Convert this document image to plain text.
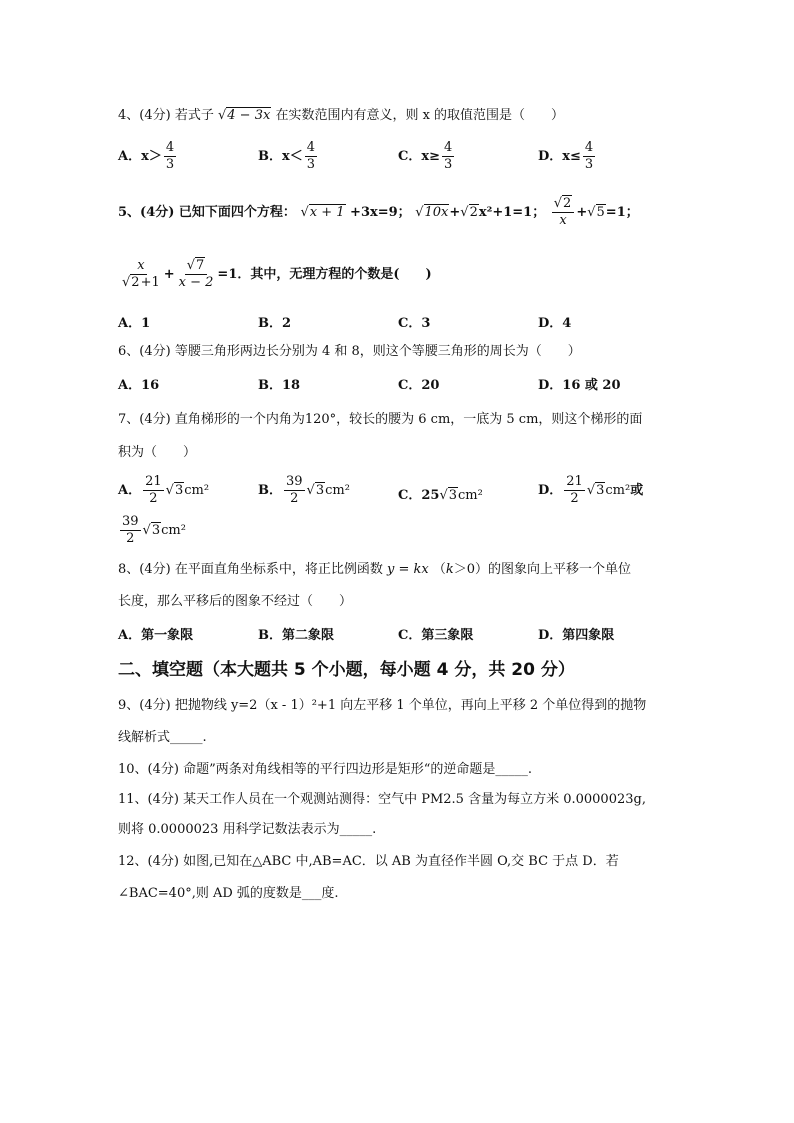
4、(4分) 若式子 √4 − 3x 在实数范围内有意义，则 x 的取值范围是（　　）
A．$x> \frac{4}{3}$	B．$x< \frac{4}{3}$	C．$x\ge \frac{4}{3}$	D．$x\le \frac{4}{3}$
5、(4分) 已知下面四个方程： √x + 1 +3x=9； √10x+√2x²+1=1； $\frac{√2}{x} +√5=1$；
$\frac{x}{√2+1} + \frac{√7}{x - 2} =1$．其中，无理方程的个数是(　　)
A．1	B．2	C．3	D．4
6、(4分) 等腰三角形两边长分别为 4 和 8，则这个等腰三角形的周长为（　　）
A．16	B．18	C．20	D．16 或 20
7、(4分) 直角梯形的一个内角为120°，较长的腰为 6 cm，一底为 5 cm，则这个梯形的面
积为（　　）
A． $\frac{21}{2} √3cm^2$	B． $\frac{39}{2} √3cm^2$	C．25√3cm²	D． $\frac{21}{2} √3cm^2$或
$\frac{39}{2} √3cm^2$
8、(4分) 在平面直角坐标系中，将正比例函数 y = kx （k＞0）的图象向上平移一个单位
长度，那么平移后的图象不经过（　　）
A．第一象限	B．第二象限	C．第三象限	D．第四象限
二、填空题（本大题共 5 个小题，每小题 4 分，共 20 分）
9、(4分) 把抛物线 y=2（x - 1）²+1 向左平移 1 个单位，再向上平移 2 个单位得到的抛物
线解析式_____.
10、(4分) 命题”两条对角线相等的平行四边形是矩形“的逆命题是_____.
11、(4分) 某天工作人员在一个观测站测得：空气中 PM2.5 含量为每立方米 0.0000023g,
则将 0.0000023 用科学记数法表示为_____.
12、(4分) 如图,已知在△ABC 中,AB=AC．以 AB 为直径作半圆 O,交 BC 于点 D．若
∠BAC=40°,则 AD 弧的度数是___度.
